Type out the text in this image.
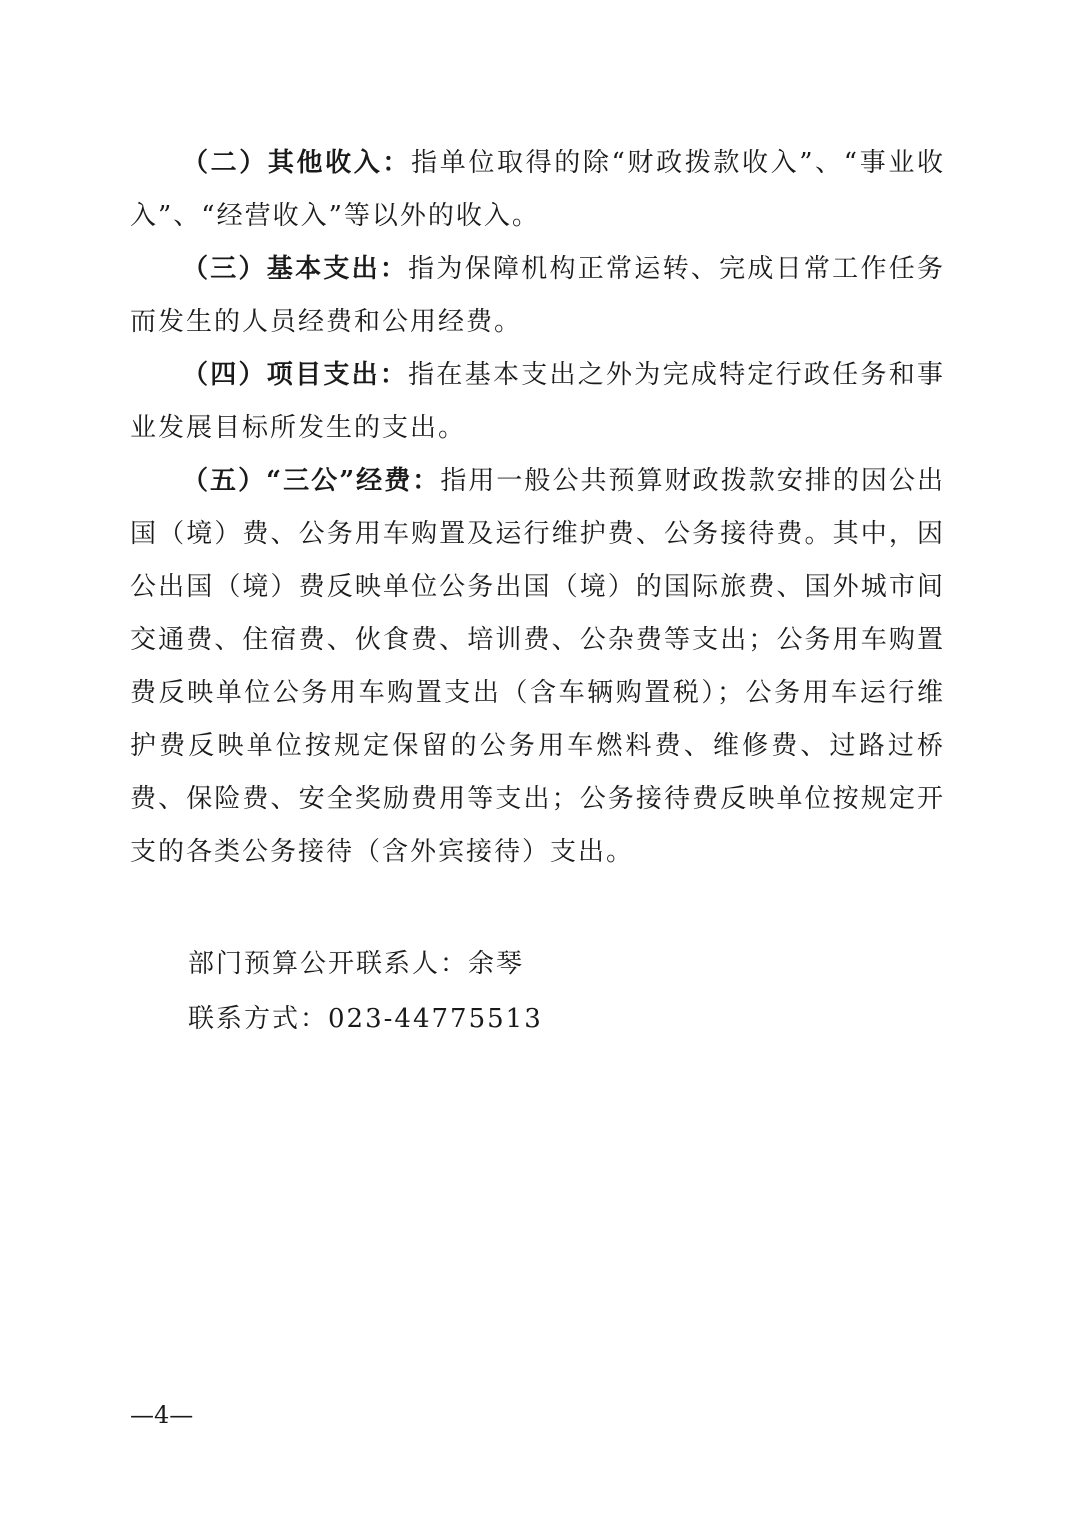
（二）其他收入：指单位取得的除“财政拨款收入”、“事业收入”、“经营收入”等以外的收入。

（三）基本支出：指为保障机构正常运转、完成日常工作任务而发生的人员经费和公用经费。

（四）项目支出：指在基本支出之外为完成特定行政任务和事业发展目标所发生的支出。

（五）“三公”经费：指用一般公共预算财政拨款安排的因公出国（境）费、公务用车购置及运行维护费、公务接待费。其中，因公出国（境）费反映单位公务出国（境）的国际旅费、国外城市间交通费、住宿费、伙食费、培训费、公杂费等支出；公务用车购置费反映单位公务用车购置支出（含车辆购置税）；公务用车运行维护费反映单位按规定保留的公务用车燃料费、维修费、过路过桥费、保险费、安全奖励费用等支出；公务接待费反映单位按规定开支的各类公务接待（含外宾接待）支出。

部门预算公开联系人：余琴

联系方式：023-44775513

—4—
